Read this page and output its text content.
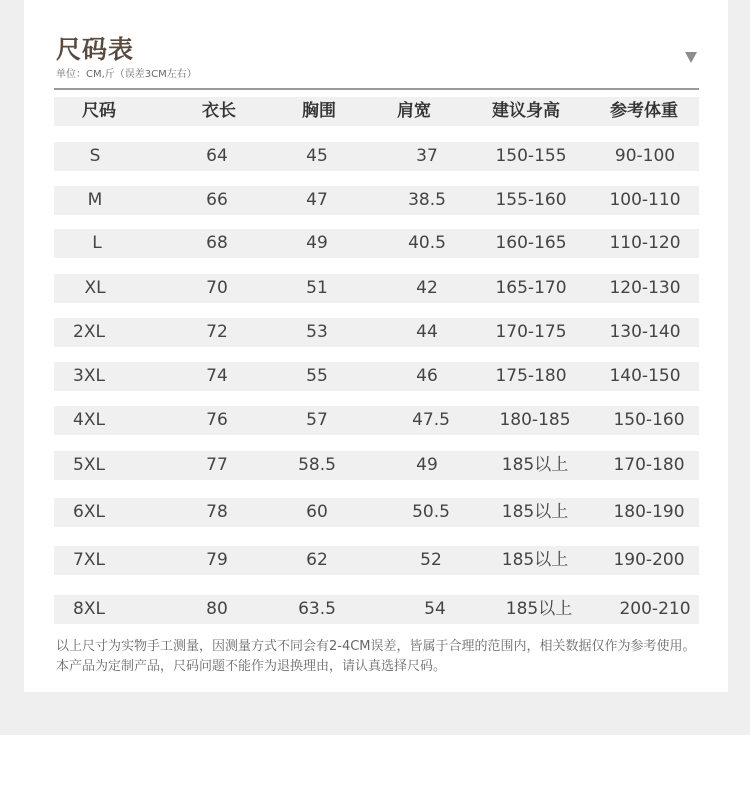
尺码表
单位：CM,斤（误差3CM左右）
尺码	衣长	胸围	肩宽	建议身高	参考体重
S	64	45	37	150-155	90-100
M	66	47	38.5	155-160	100-110
L	68	49	40.5	160-165	110-120
XL	70	51	42	165-170	120-130
2XL	72	53	44	170-175	130-140
3XL	74	55	46	175-180	140-150
4XL	76	57	47.5	180-185	150-160
5XL	77	58.5	49	185以上	170-180
6XL	78	60	50.5	185以上	180-190
7XL	79	62	52	185以上	190-200
8XL	80	63.5	54	185以上	200-210
以上尺寸为实物手工测量，因测量方式不同会有2-4CM误差，皆属于合理的范围内，相关数据仅作为参考使用。本产品为定制产品，尺码问题不能作为退换理由，请认真选择尺码。
